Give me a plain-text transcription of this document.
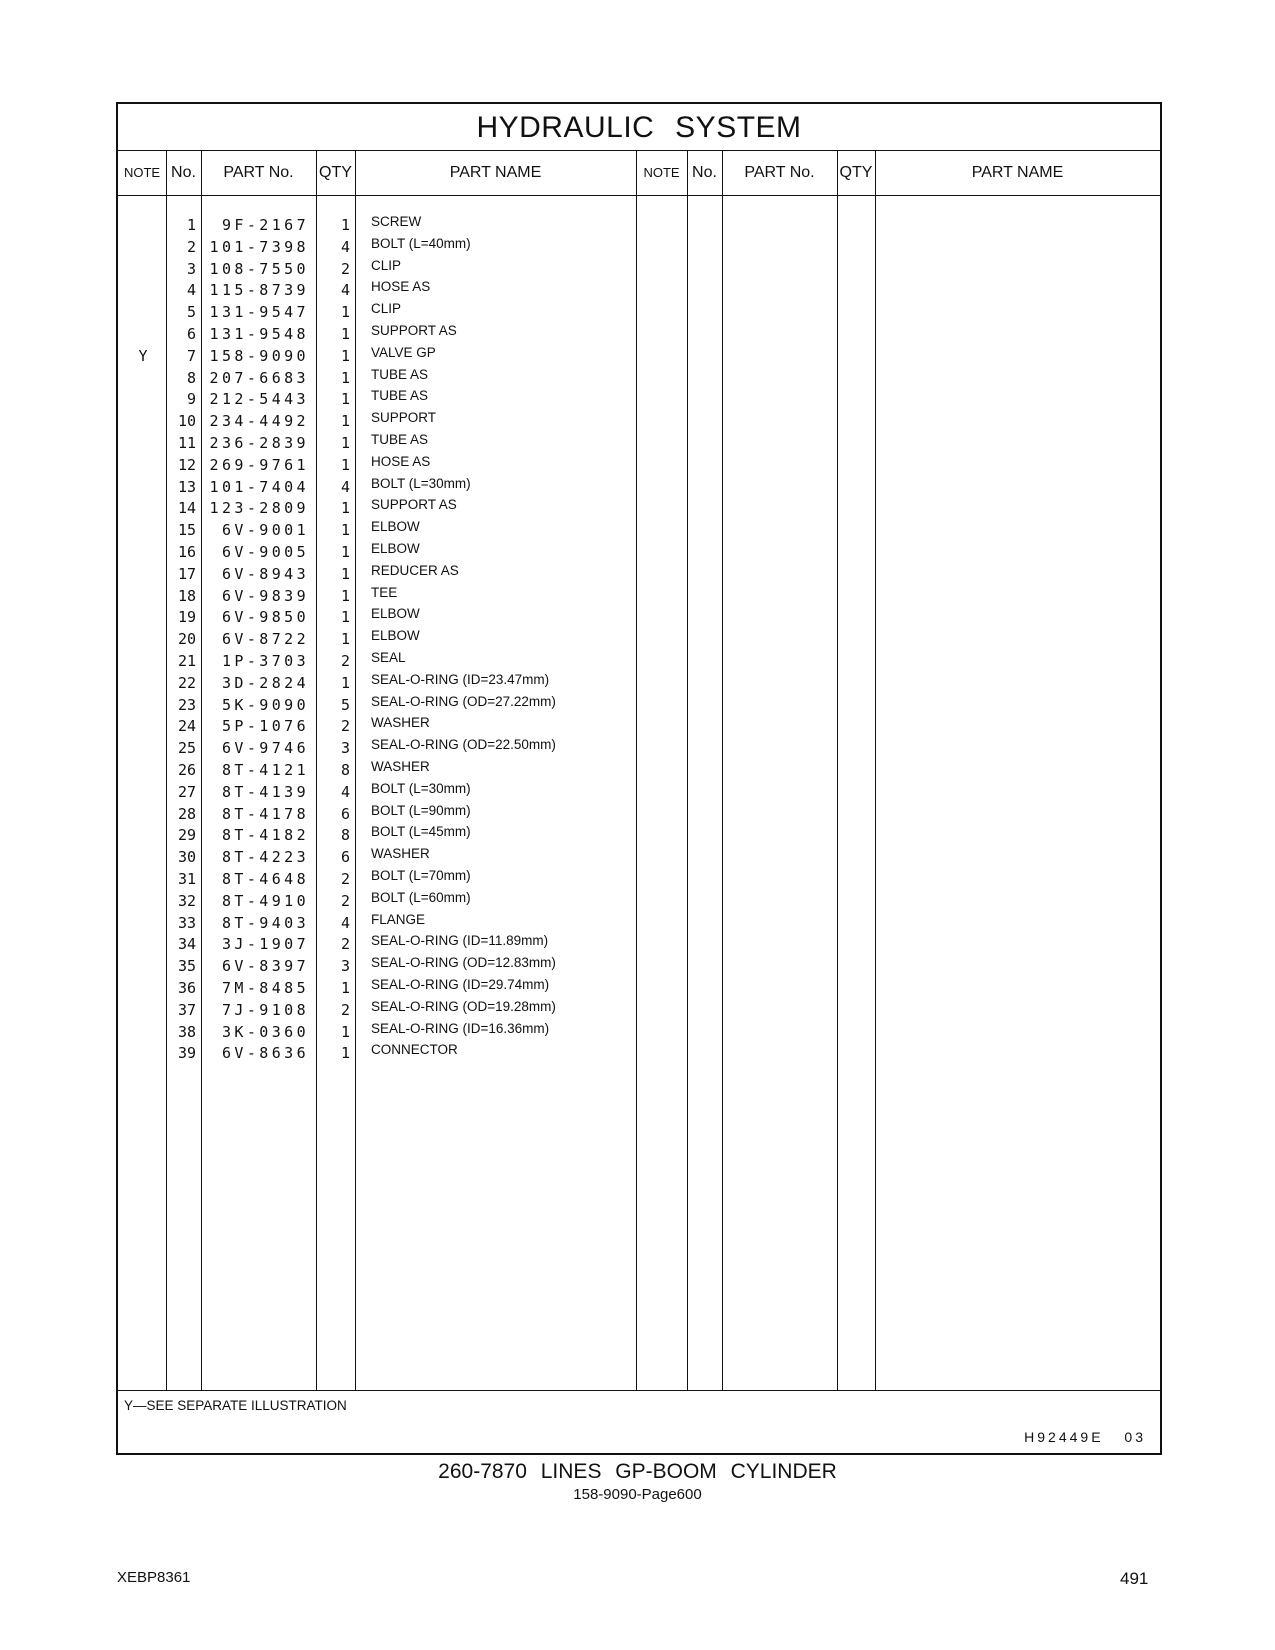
HYDRAULIC SYSTEM
NOTE No.	PART No.	QTY	PART NAME	NOTE No.	PART No.	QTY	PART NAME
1	9F-2167	1 SCREW
2 101-7398	4 BOLT (L=40mm)
3 108-7550	2 CLIP
4 115-8739	4 HOSE AS
5 131-9547	1 CLIP
6 131-9548	1 SUPPORT AS
Y	7 158-9090	1 VALVE GP
8 207-6683	1 TUBE AS
9 212-5443	1 TUBE AS
10 234-4492	1 SUPPORT
11 236-2839	1 TUBE AS
12 269-9761	1 HOSE AS
13 101-7404	4 BOLT (L=30mm)
14 123-2809	1 SUPPORT AS
15	6V-9001	1 ELBOW
16	6V-9005	1 ELBOW
17	6V-8943	1 REDUCER AS
18	6V-9839	1 TEE
19	6V-9850	1 ELBOW
20	6V-8722	1 ELBOW
21	1P-3703	2 SEAL
22	3D-2824	1 SEAL-O-RING (ID=23.47mm)
23	5K-9090	5 SEAL-O-RING (OD=27.22mm)
24	5P-1076	2 WASHER
25	6V-9746	3 SEAL-O-RING (OD=22.50mm)
26	8T-4121	8 WASHER
27	8T-4139	4 BOLT (L=30mm)
28	8T-4178	6 BOLT (L=90mm)
29	8T-4182	8 BOLT (L=45mm)
30	8T-4223	6 WASHER
31	8T-4648	2 BOLT (L=70mm)
32	8T-4910	2 BOLT (L=60mm)
33	8T-9403	4 FLANGE
34	3J-1907	2 SEAL-O-RING (ID=11.89mm)
35	6V-8397	3 SEAL-O-RING (OD=12.83mm)
36	7M-8485	1 SEAL-O-RING (ID=29.74mm)
37	7J-9108	2 SEAL-O-RING (OD=19.28mm)
38	3K-0360	1 SEAL-O-RING (ID=16.36mm)
39	6V-8636	1 CONNECTOR
Y—SEE SEPARATE ILLUSTRATION
H92449E 03
260-7870 LINES GP-BOOM CYLINDER
158-9090-Page600
XEBP8361	491
